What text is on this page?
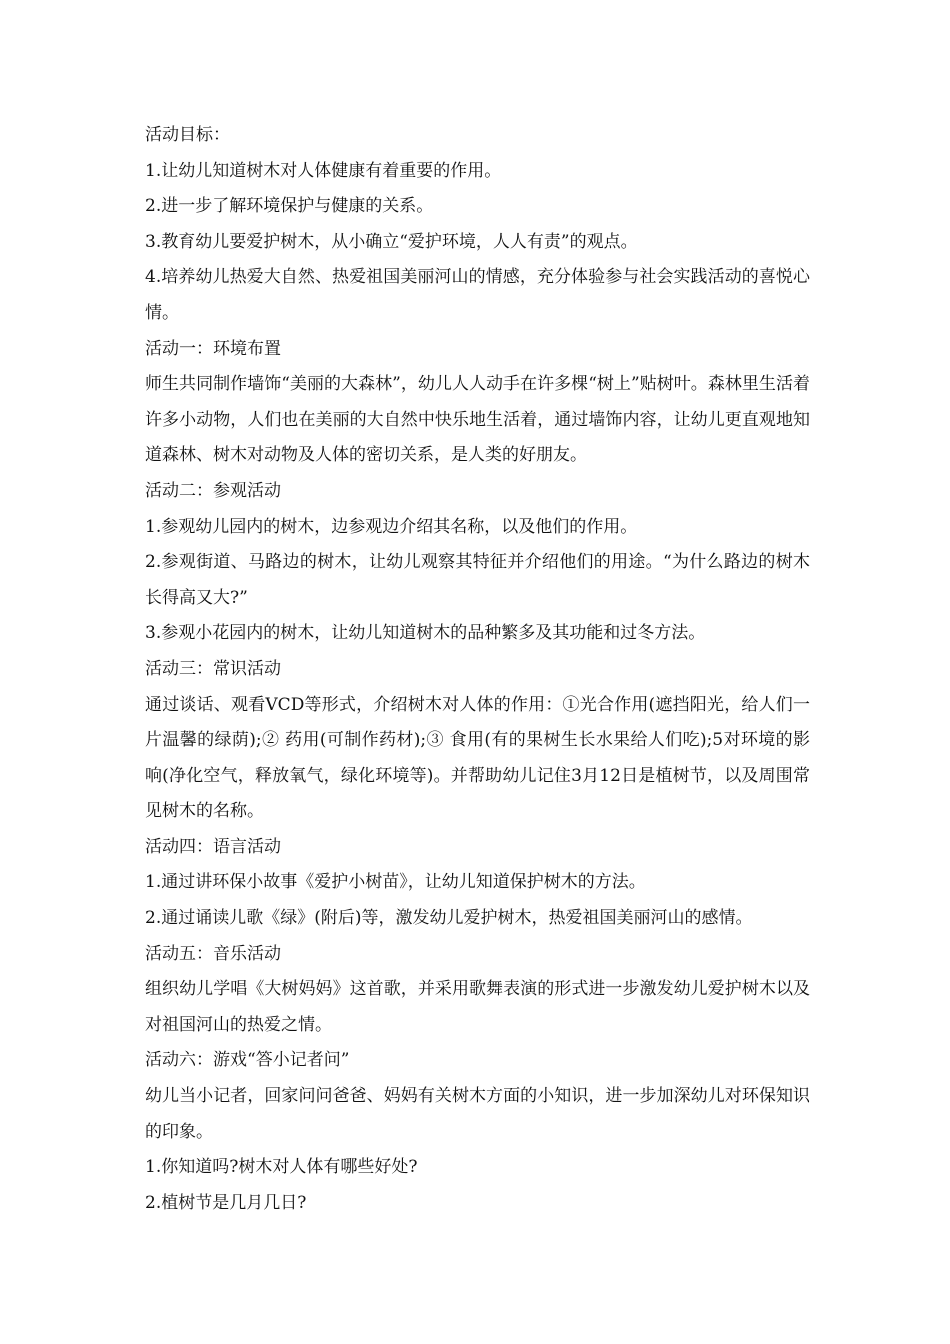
活动目标：

1.让幼儿知道树木对人体健康有着重要的作用。

2.进一步了解环境保护与健康的关系。

3.教育幼儿要爱护树木，从小确立“爱护环境，人人有责”的观点。

4.培养幼儿热爱大自然、热爱祖国美丽河山的情感，充分体验参与社会实践活动的喜悦心情。

活动一：环境布置

师生共同制作墙饰“美丽的大森林”，幼儿人人动手在许多棵“树上”贴树叶。森林里生活着许多小动物，人们也在美丽的大自然中快乐地生活着，通过墙饰内容，让幼儿更直观地知道森林、树木对动物及人体的密切关系，是人类的好朋友。

活动二：参观活动

1.参观幼儿园内的树木，边参观边介绍其名称，以及他们的作用。

2.参观街道、马路边的树木，让幼儿观察其特征并介绍他们的用途。“为什么路边的树木长得高又大?”

3.参观小花园内的树木，让幼儿知道树木的品种繁多及其功能和过冬方法。

活动三：常识活动

通过谈话、观看VCD等形式，介绍树木对人体的作用：①光合作用(遮挡阳光，给人们一片温馨的绿荫);② 药用(可制作药材);③ 食用(有的果树生长水果给人们吃);5对环境的影响(净化空气，释放氧气，绿化环境等)。并帮助幼儿记住3月12日是植树节，以及周围常见树木的名称。

活动四：语言活动

1.通过讲环保小故事《爱护小树苗》，让幼儿知道保护树木的方法。

2.通过诵读儿歌《绿》(附后)等，激发幼儿爱护树木，热爱祖国美丽河山的感情。

活动五：音乐活动

组织幼儿学唱《大树妈妈》这首歌，并采用歌舞表演的形式进一步激发幼儿爱护树木以及对祖国河山的热爱之情。

活动六：游戏“答小记者问”

幼儿当小记者，回家问问爸爸、妈妈有关树木方面的小知识，进一步加深幼儿对环保知识的印象。

1.你知道吗?树木对人体有哪些好处?

2.植树节是几月几日?
